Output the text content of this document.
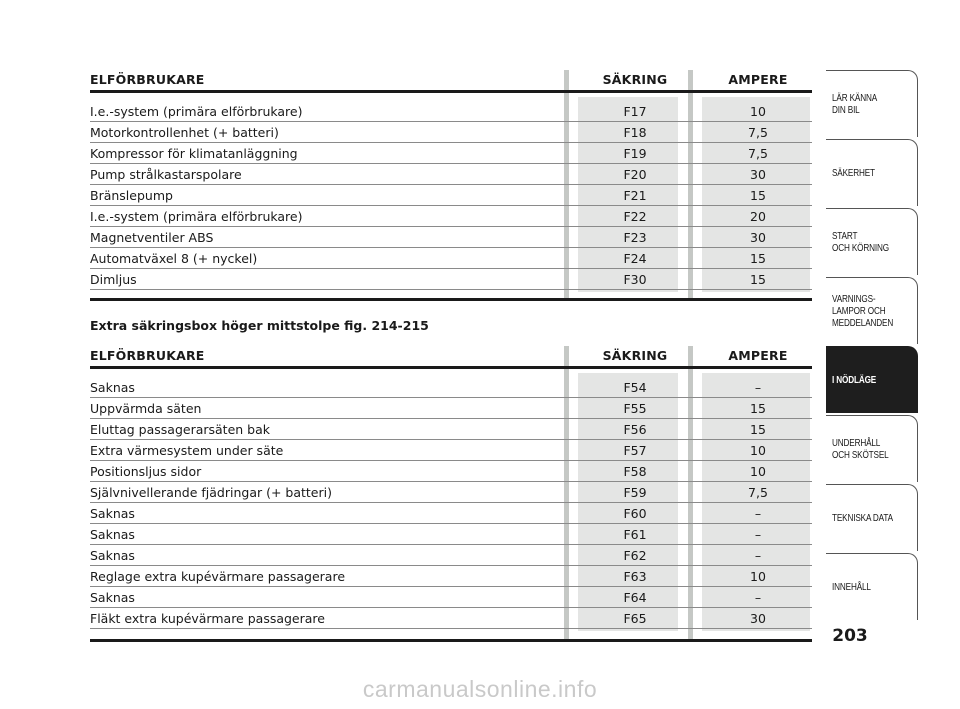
ELFÖRBRUKARE	SÄKRING	AMPERE
I.e.-system (primära elförbrukare)	F17	10
Motorkontrollenhet (+ batteri)	F18	7,5
Kompressor för klimatanläggning	F19	7,5
Pump strålkastarspolare	F20	30
Bränslepump	F21	15
I.e.-system (primära elförbrukare)	F22	20
Magnetventiler ABS	F23	30
Automatväxel 8 (+ nyckel)	F24	15
Dimljus	F30	15
Extra säkringsbox höger mittstolpe fig. 214-215
ELFÖRBRUKARE	SÄKRING	AMPERE
Saknas	F54	–
Uppvärmda säten	F55	15
Eluttag passagerarsäten bak	F56	15
Extra värmesystem under säte	F57	10
Positionsljus sidor	F58	10
Självnivellerande fjädringar (+ batteri)	F59	7,5
Saknas	F60	–
Saknas	F61	–
Saknas	F62	–
Reglage extra kupévärmare passagerare	F63	10
Saknas	F64	–
Fläkt extra kupévärmare passagerare	F65	30
LÄR KÄNNA
DIN BIL
SÄKERHET
START
OCH KÖRNING
VARNINGS-
LAMPOR OCH
MEDDELANDEN
I NÖDLÄGE
UNDERHÅLL
OCH SKÖTSEL
TEKNISKA DATA
INNEHÅLL
203
carmanualsonline.info
